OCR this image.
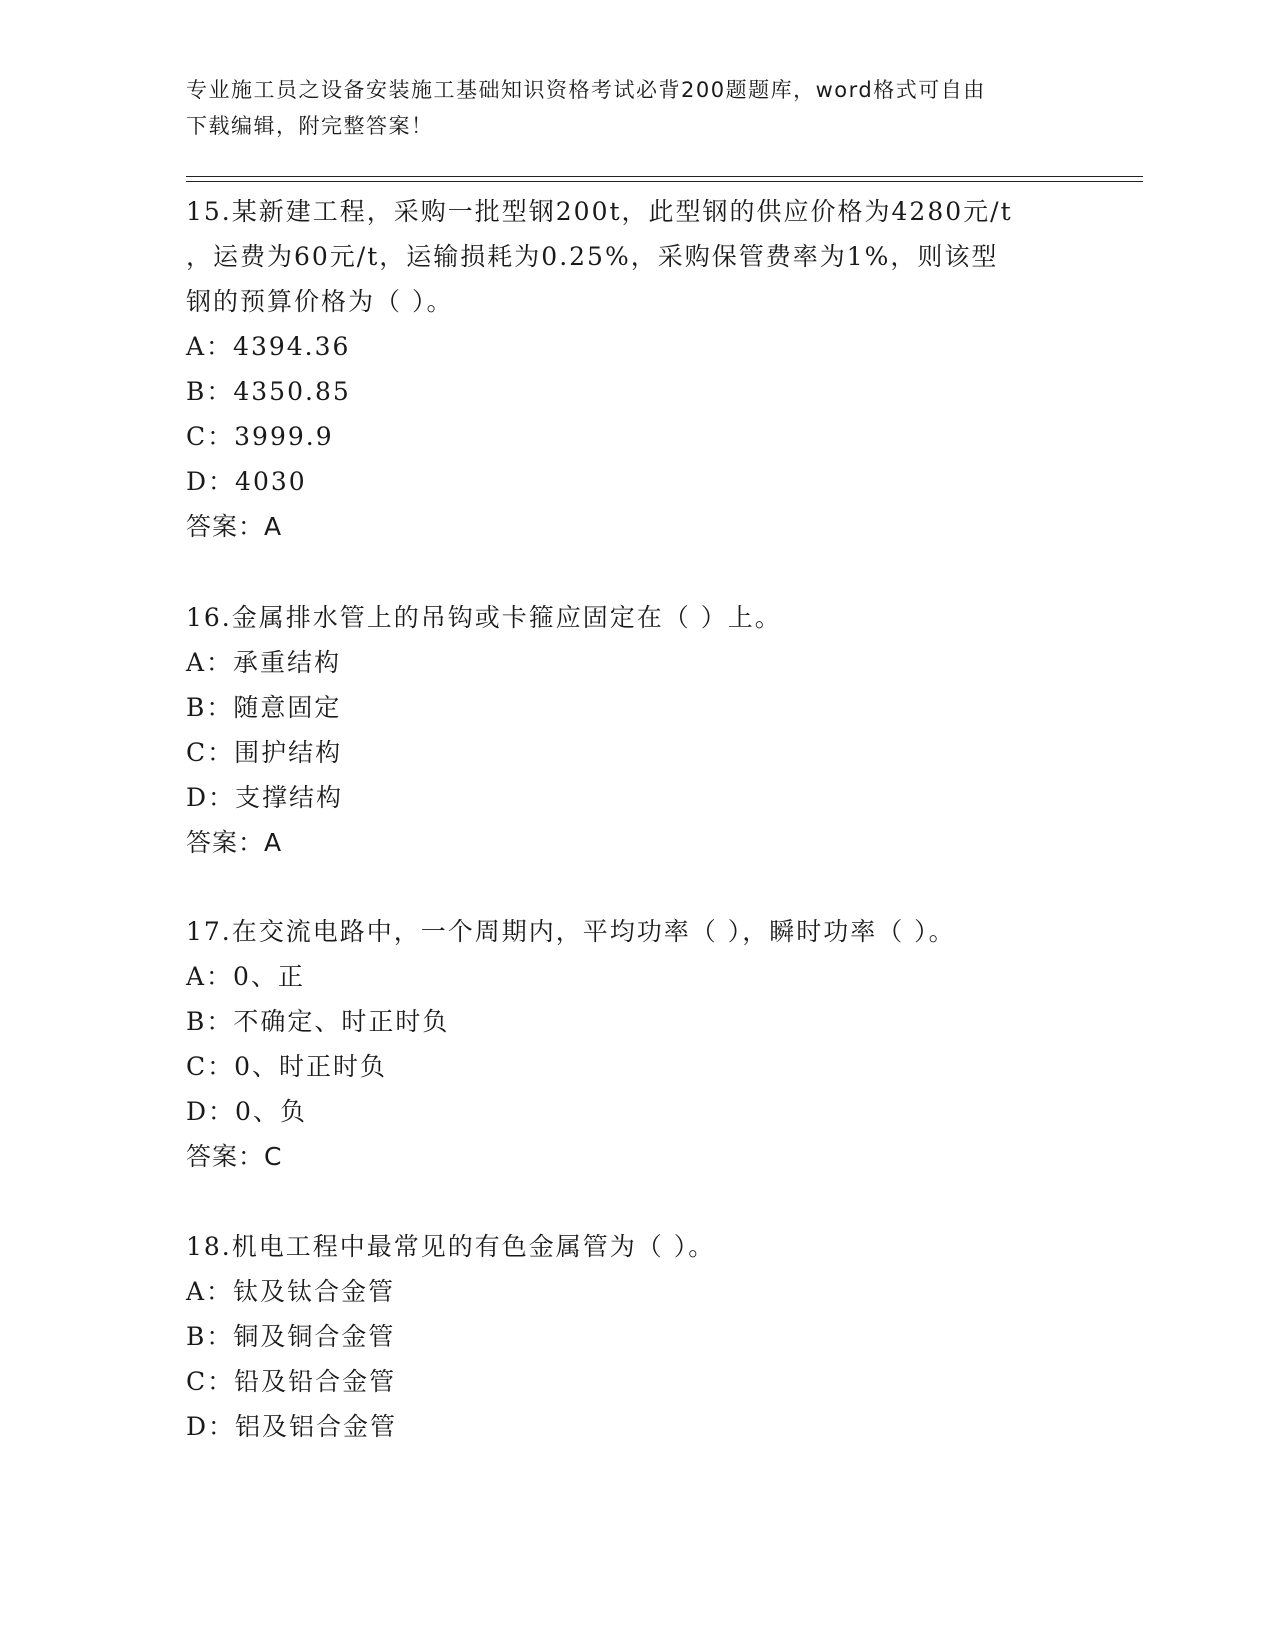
专业施工员之设备安装施工基础知识资格考试必背200题题库，word格式可自由
下载编辑，附完整答案！

15.某新建工程，采购一批型钢200t，此型钢的供应价格为4280元/t

，运费为60元/t，运输损耗为0.25%，采购保管费率为1%，则该型

钢的预算价格为（ ）。

A：4394.36

B：4350.85

C：3999.9

D：4030

答案：A

16.金属排水管上的吊钩或卡箍应固定在（ ）上。

A：承重结构

B：随意固定

C：围护结构

D：支撑结构

答案：A

17.在交流电路中，一个周期内，平均功率（ ），瞬时功率（ ）。

A：0、正

B：不确定、时正时负

C：0、时正时负

D：0、负

答案：C

18.机电工程中最常见的有色金属管为（ ）。

A：钛及钛合金管

B：铜及铜合金管

C：铅及铅合金管

D：铝及铝合金管
